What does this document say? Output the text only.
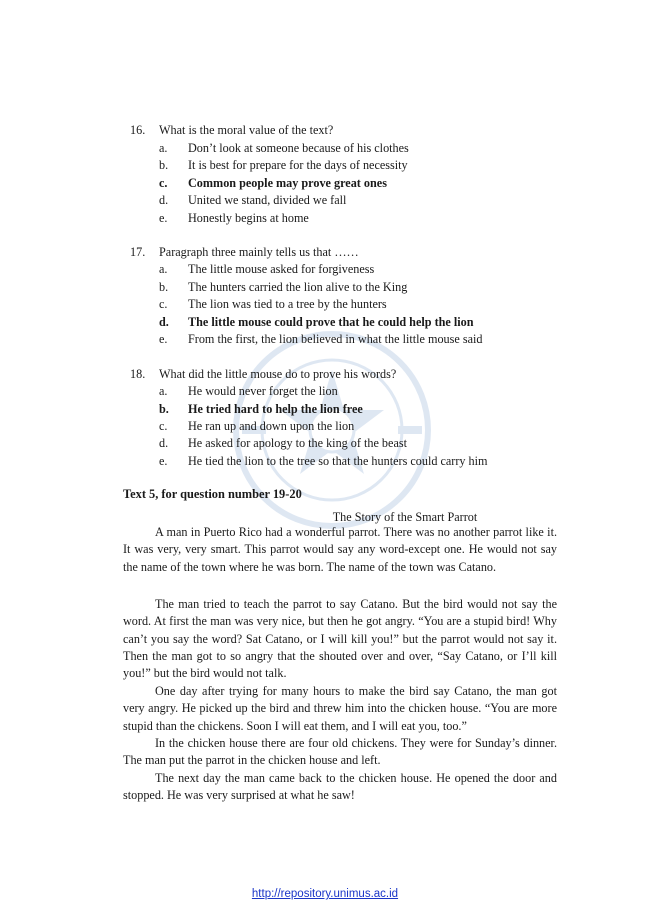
16. What is the moral value of the text?
a. Don’t look at someone because of his clothes
b. It is best for prepare for the days of necessity
c. Common people may prove great ones
d. United we stand, divided we fall
e. Honestly begins at home
17. Paragraph three mainly tells us that ……
a. The little mouse asked for forgiveness
b. The hunters carried the lion alive to the King
c. The lion was tied to a tree by the hunters
d. The little mouse could prove that he could help the lion
e. From the first, the lion believed in what the little mouse said
18. What did the little mouse do to prove his words?
a. He would never forget the lion
b. He tried hard to help the lion free
c. He ran up and down upon the lion
d. He asked for apology to the king of the beast
e. He tied the lion to the tree so that the hunters could carry him
Text 5, for question number 19-20
The Story of the Smart Parrot

A man in Puerto Rico had a wonderful parrot. There was no another parrot like it. It was very, very smart. This parrot would say any word-except one. He would not say the name of the town where he was born. The name of the town was Catano.

The man tried to teach the parrot to say Catano. But the bird would not say the word. At first the man was very nice, but then he got angry. “You are a stupid bird! Why can’t you say the word? Sat Catano, or I will kill you!” but the parrot would not say it. Then the man got to so angry that the shouted over and over, “Say Catano, or I’ll kill you!” but the bird would not talk.

One day after trying for many hours to make the bird say Catano, the man got very angry. He picked up the bird and threw him into the chicken house. “You are more stupid than the chickens. Soon I will eat them, and I will eat you, too.”

In the chicken house there are four old chickens. They were for Sunday’s dinner. The man put the parrot in the chicken house and left.

The next day the man came back to the chicken house. He opened the door and stopped. He was very surprised at what he saw!

http://repository.unimus.ac.id
